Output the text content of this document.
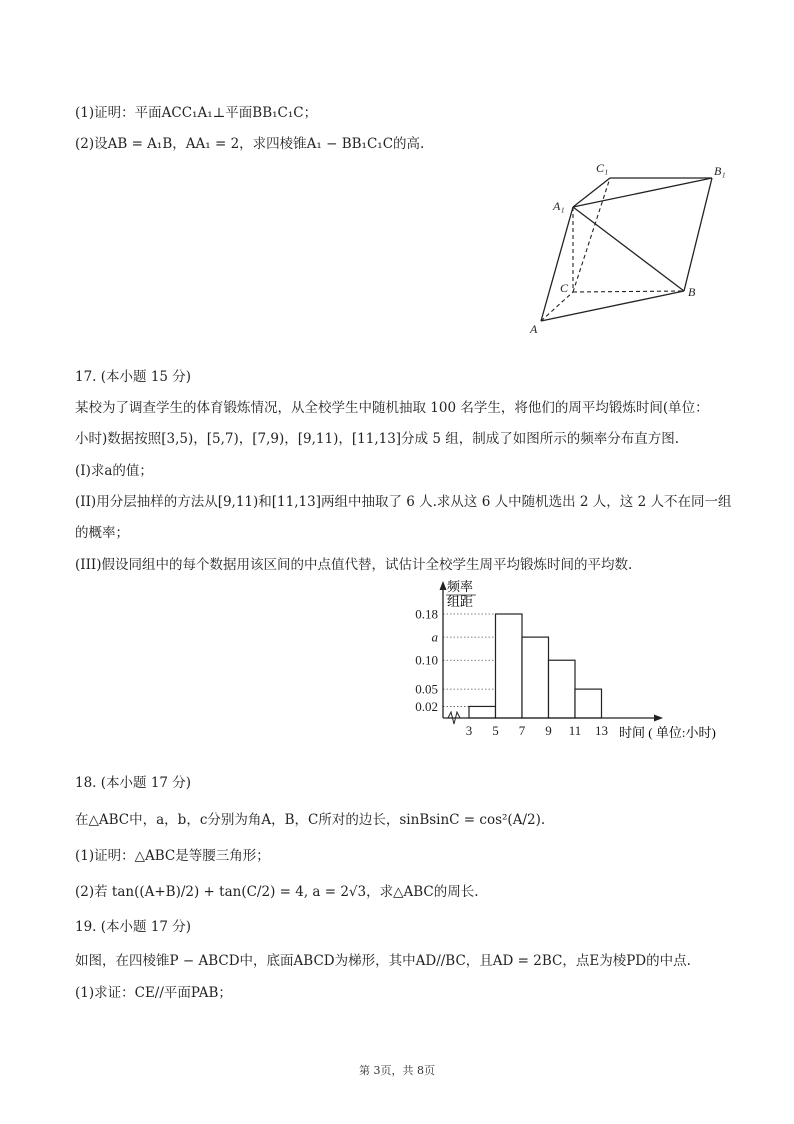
(1)证明：平面ACC₁A₁⊥平面BB₁C₁C；
(2)设AB = A₁B，AA₁ = 2，求四棱锥A₁ − BB₁C₁C的高.
C₁	B₁
A₁
C	B
A
17. (本小题 15 分)
某校为了调查学生的体育锻炼情况，从全校学生中随机抽取 100 名学生，将他们的周平均锻炼时间(单位：
小时)数据按照[3,5)，[5,7)，[7,9)，[9,11)，[11,13]分成 5 组，制成了如图所示的频率分布直方图.
(I)求a的值；
(II)用分层抽样的方法从[9,11)和[11,13]两组中抽取了 6 人.求从这 6 人中随机选出 2 人，这 2 人不在同一组
的概率；
(III)假设同组中的每个数据用该区间的中点值代替，试估计全校学生周平均锻炼时间的平均数.
0.18
a
0.10
0.05
0.02
3 5 7 9 11 13
频率
组距
时间 ( 单位:小时)
18. (本小题 17 分)
在△ABC中，a，b，c分别为角A，B，C所对的边长，sinBsinC = cos²(A/2).
(1)证明：△ABC是等腰三角形；
(2)若 tan((A+B)/2) + tan(C/2) = 4, a = 2√3，求△ABC的周长.
19. (本小题 17 分)
如图，在四棱锥P − ABCD中，底面ABCD为梯形，其中AD//BC，且AD = 2BC，点E为棱PD的中点.
(1)求证：CE//平面PAB；
第 3页，共 8页
